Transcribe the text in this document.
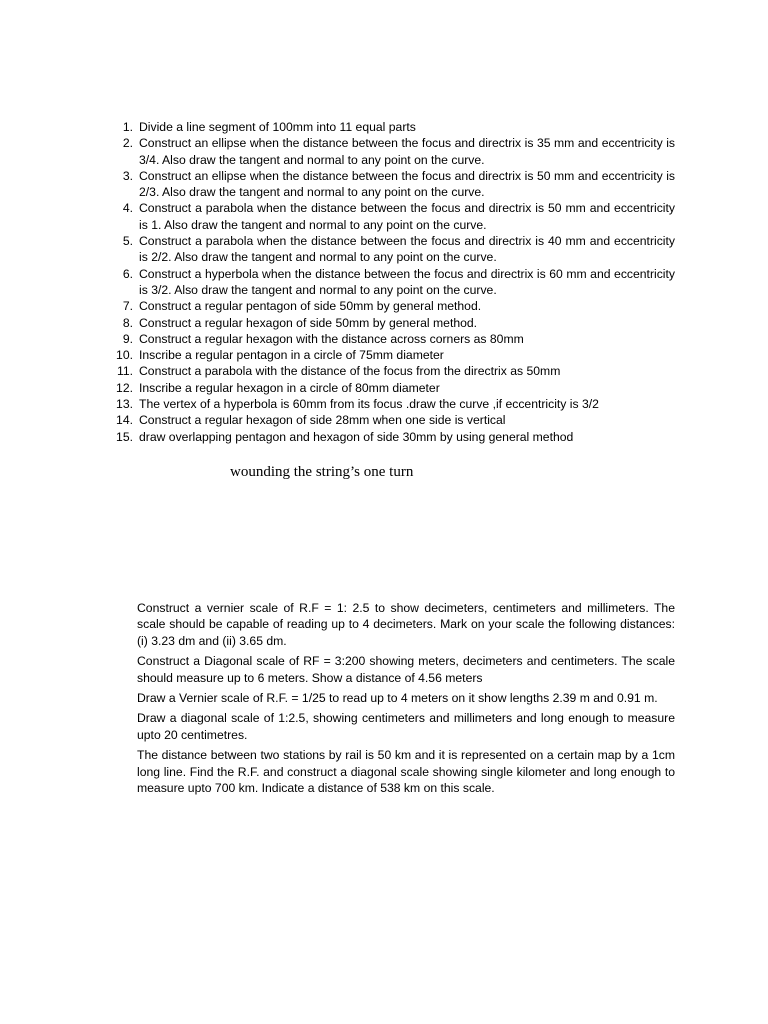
1. Divide a line segment of 100mm into 11 equal parts
2. Construct an ellipse when the distance between the focus and directrix is 35 mm and eccentricity is 3/4. Also draw the tangent and normal to any point on the curve.
3. Construct an ellipse when the distance between the focus and directrix is 50 mm and eccentricity is 2/3. Also draw the tangent and normal to any point on the curve.
4. Construct a parabola when the distance between the focus and directrix is 50 mm and eccentricity is 1. Also draw the tangent and normal to any point on the curve.
5. Construct a parabola when the distance between the focus and directrix is 40 mm and eccentricity is 2/2. Also draw the tangent and normal to any point on the curve.
6. Construct a hyperbola when the distance between the focus and directrix is 60 mm and eccentricity is 3/2. Also draw the tangent and normal to any point on the curve.
7. Construct a regular pentagon of side 50mm by general method.
8. Construct a regular hexagon of side 50mm by general method.
9. Construct a regular hexagon with the distance across corners as 80mm
10. Inscribe a regular pentagon in a circle of 75mm diameter
11. Construct a parabola with the distance of the focus from the directrix as 50mm
12. Inscribe a regular hexagon in a circle of 80mm diameter
13. The vertex of a hyperbola is 60mm from its focus .draw the curve ,if eccentricity is 3/2
14. Construct a regular hexagon of side 28mm when one side is vertical
15. draw overlapping pentagon and hexagon of side 30mm by using general method
wounding the string’s one turn

Construct a vernier scale of R.F = 1: 2.5 to show decimeters, centimeters and millimeters. The scale should be capable of reading up to 4 decimeters. Mark on your scale the following distances: (i) 3.23 dm and (ii) 3.65 dm.

Construct a Diagonal scale of RF = 3:200 showing meters, decimeters and centimeters. The scale should measure up to 6 meters. Show a distance of 4.56 meters

Draw a Vernier scale of R.F. = 1/25 to read up to 4 meters on it show lengths 2.39 m and 0.91 m.

Draw a diagonal scale of 1:2.5, showing centimeters and millimeters and long enough to measure upto 20 centimetres.

The distance between two stations by rail is 50 km and it is represented on a certain map by a 1cm long line. Find the R.F. and construct a diagonal scale showing single kilometer and long enough to measure upto 700 km. Indicate a distance of 538 km on this scale.
